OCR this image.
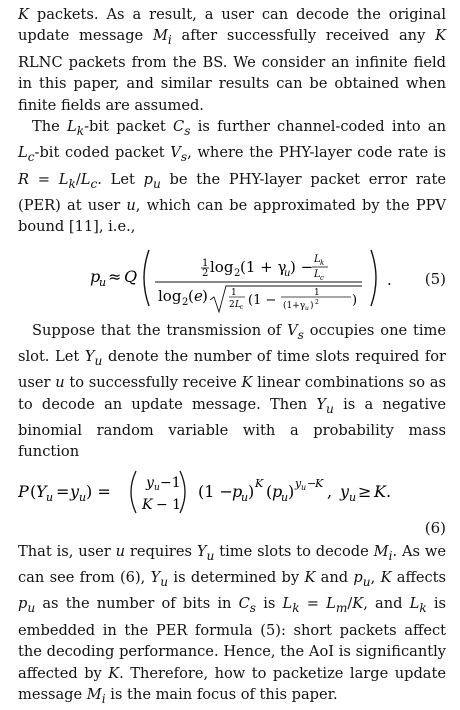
K packets. As a result, a user can decode the original update message $M_i$ after successfully received any K RLNC packets from the BS. We consider an infinite field in this paper, and similar results can be obtained when finite fields are assumed.

The $L_k$-bit packet $C_s$ is further channel-coded into an $L_c$-bit coded packet $V_s$, where the PHY-layer code rate is $R = L_k/L_c$. Let $p_u$ be the PHY-layer packet error rate (PER) at user u, which can be approximated by the PPV bound [11], i.e.,

p
u ≈ Q
1
2 log 2 (1 + γ
u ) − L k
L c
log 2 ( e )	1
2 L c (1 −	1
(1+γ u ) 2	)
. (5)

Suppose that the transmission of $V_s$ occupies one time slot. Let $Y_u$ denote the number of time slots required for user u to successfully receive K linear combinations so as to decode an update message. Then $Y_u$ is a negative binomial random variable with a probability mass function

P ( Y u = y u ) =	y u −1
K − 1
(1 − p
u ) K ( p
u ) y u −
K , y u ≥ K .
(6)

That is, user u requires $Y_u$ time slots to decode $M_i$. As we can see from (6), $Y_u$ is determined by K and $p_u$, K affects $p_u$ as the number of bits in $C_s$ is $L_k = L_m/K$, and $L_k$ is embedded in the PER formula (5): short packets affect the decoding performance. Hence, the AoI is significantly affected by K. Therefore, how to packetize large update message $M_i$ is the main focus of this paper.
